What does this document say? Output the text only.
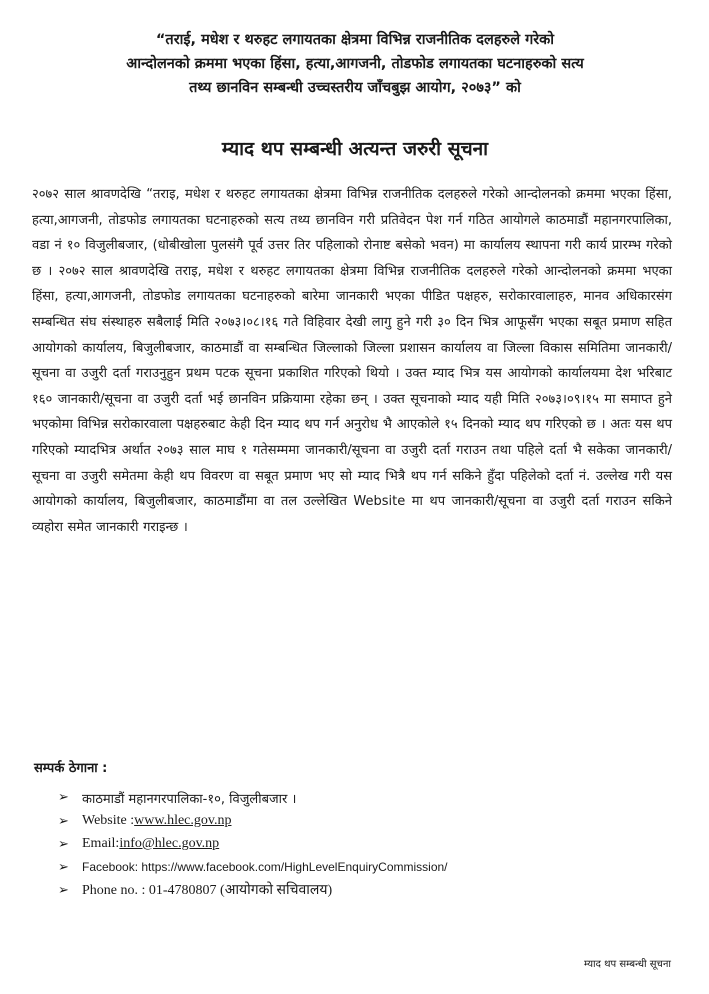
“तराई, मधेश र थरुहट लगायतका क्षेत्रमा विभिन्न राजनीतिक दलहरुले गरेको
आन्दोलनको क्रममा भएका हिंसा, हत्या,आगजनी, तोडफोड लगायतका घटनाहरुको सत्य
तथ्य छानविन सम्बन्धी उच्चस्तरीय जाँचबुझ आयोग, २०७३” को
म्याद थप सम्बन्धी अत्यन्त जरुरी सूचना
२०७२ साल श्रावणदेखि “तराइ, मधेश र थरुहट लगायतका क्षेत्रमा विभिन्न राजनीतिक दलहरुले गरेको आन्दोलनको क्रममा भएका हिंसा, हत्या,आगजनी, तोडफोड लगायतका घटनाहरुको सत्य तथ्य छानविन गरी प्रतिवेदन पेश गर्न गठित आयोगले काठमाडौं महानगरपालिका, वडा नं १० विजुलीबजार, (धोबीखोला पुलसंगै पूर्व उत्तर तिर पहिलाको रोनाष्ट बसेको भवन) मा कार्यालय स्थापना गरी कार्य प्रारम्भ गरेको छ । २०७२ साल श्रावणदेखि तराइ, मधेश र थरुहट लगायतका क्षेत्रमा विभिन्न राजनीतिक दलहरुले गरेको आन्दोलनको क्रममा भएका हिंसा, हत्या,आगजनी, तोडफोड लगायतका घटनाहरुको बारेमा जानकारी भएका पीडित पक्षहरु, सरोकारवालाहरु, मानव अधिकारसंग सम्बन्धित संघ संस्थाहरु सबैलाई मिति २०७३।०८।१६ गते विहिवार देखी लागु हुने गरी ३० दिन भित्र आफूसँग भएका सबूत प्रमाण सहित आयोगको कार्यालय, बिजुलीबजार, काठमाडौं वा सम्बन्धित जिल्लाको जिल्ला प्रशासन कार्यालय वा जिल्ला विकास समितिमा जानकारी/सूचना वा उजुरी दर्ता गराउनुहुन प्रथम पटक सूचना प्रकाशित गरिएको थियो । उक्त म्याद भित्र यस आयोगको कार्यालयमा देश भरिबाट १६० जानकारी/सूचना वा उजुरी दर्ता भई छानविन प्रक्रियामा रहेका छन् । उक्त सूचनाको म्याद यही मिति २०७३।०९।१५ मा समाप्त हुने भएकोमा विभिन्न सरोकारवाला पक्षहरुबाट केही दिन म्याद थप गर्न अनुरोध भै आएकोले १५ दिनको म्याद थप गरिएको छ । अतः यस थप गरिएको म्यादभित्र अर्थात २०७३ साल माघ १ गतेसम्ममा जानकारी/सूचना वा उजुरी दर्ता गराउन तथा पहिले दर्ता भै सकेका जानकारी/सूचना वा उजुरी समेतमा केही थप विवरण वा सबूत प्रमाण भए सो म्याद भित्रै थप गर्न सकिने हुँदा पहिलेको दर्ता नं. उल्लेख गरी यस आयोगको कार्यालय, बिजुलीबजार, काठमाडौंमा वा तल उल्लेखित Website मा थप जानकारी/सूचना वा उजुरी दर्ता गराउन सकिने व्यहोरा समेत जानकारी गराइन्छ ।
सम्पर्क ठेगाना :
➢	काठमाडौं महानगरपालिका-१०, विजुलीबजार ।
➢ Website : www.hlec.gov.np
➢ Email: info@hlec.gov.np
➢	Facebook: https://www.facebook.com/HighLevelEnquiryCommission/
➢ Phone no. : 01-4780807 (आयोगको सचिवालय)
म्याद थप सम्बन्धी सूचना
